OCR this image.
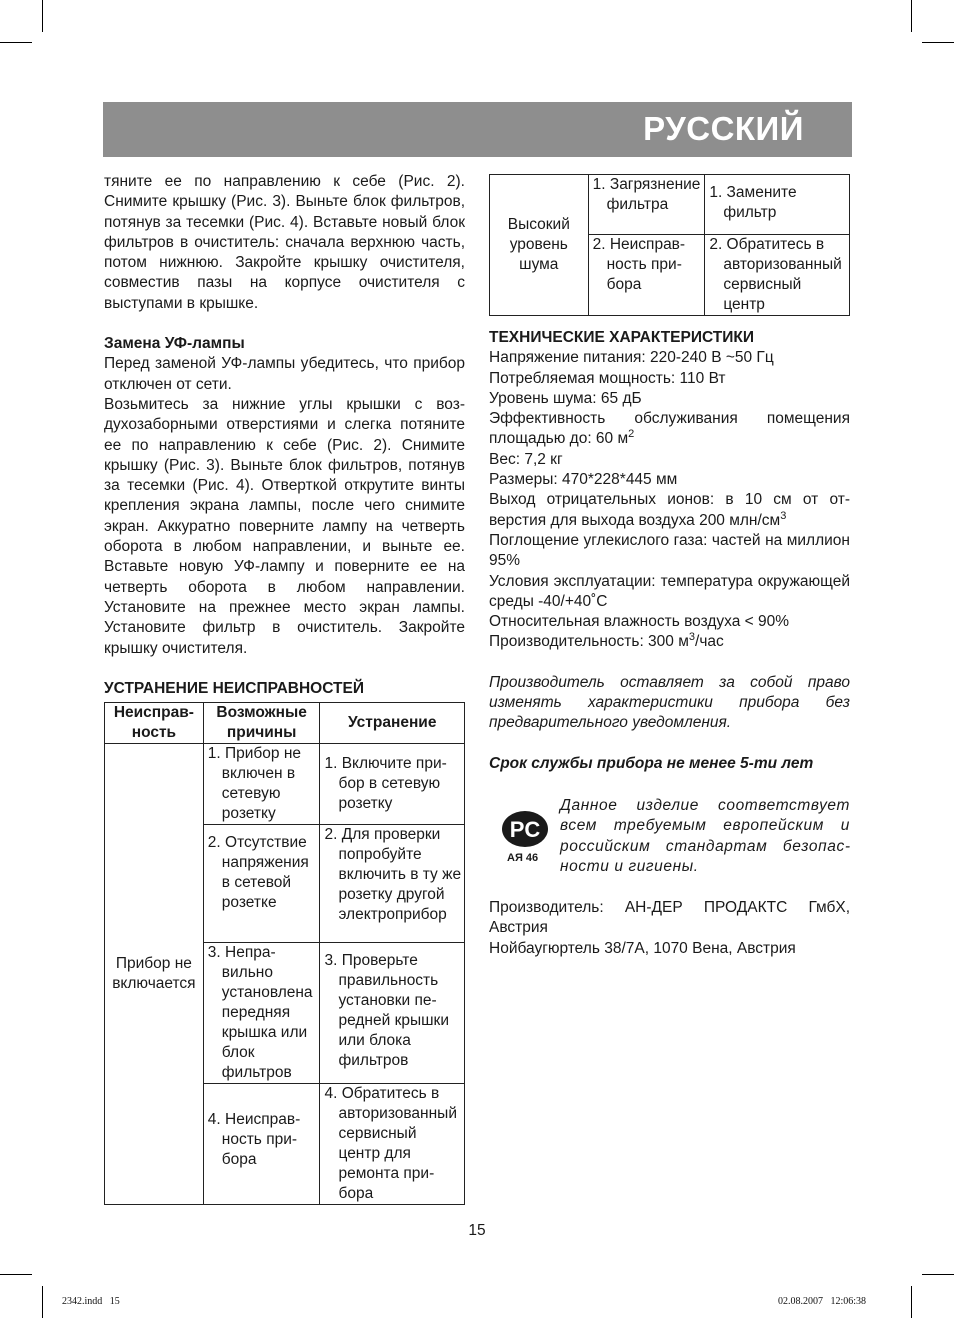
РУССКИЙ

тяните ее по направлению к себе (Рис. 2). Снимите крышку (Рис. 3). Выньте блок фильтров, потянув за тесемки (Рис. 4). Вставьте новый блок фильтров в очиститель: сначала верхнюю часть, потом нижнюю. Закройте крышку очистителя, совместив пазы на корпусе очистителя с выступами в крышке.

Замена УФ-лампы

Перед заменой УФ-лампы убедитесь, что прибор отключен от сети.

Возьмитесь за нижние углы крышки с воздухозаборными отверстиями и слегка потяните ее по направлению к себе (Рис. 2). Снимите крышку (Рис. 3). Выньте блок фильтров, потянув за тесемки (Рис. 4). Отверткой открутите винты крепления экрана лампы, после чего снимите экран. Аккуратно поверните лампу на четверть оборота в любом направлении, и выньте ее. Вставьте новую УФ-лампу и поверните ее на четверть оборота в любом направлении. Установите на прежнее место экран лампы. Установите фильтр в очиститель. Закройте крышку очистителя.

УСТРАНЕНИЕ НЕИСПРАВНОСТЕЙ

Неисправ-ность	Возможные причины	Устранение
Прибор не включается	1. Прибор не включен в сетевую розетку	1. Включите прибор в сетевую розетку

	2. Отсутствие напряжения в сетевой розетке	2. Для проверки попробуйте включить в ту же розетку другой электроприбор

	3. Неправильно установлена передняя крышка или блок фильтров	3. Проверьте правильность установки передней крышки или блока фильтров

	4. Неисправность прибора	4. Обратитесь в авторизованный сервисный центр для ремонта прибора
Высокий уровень шума	1. Загрязнение фильтра	1. Замените фильтр

	2. Неисправность прибора	2. Обратитесь в авторизованный сервисный центр

ТЕХНИЧЕСКИЕ ХАРАКТЕРИСТИКИ

Напряжение питания: 220-240 В ~50 Гц

Потребляемая мощность: 110 Вт

Уровень шума: 65 дБ

Эффективность обслуживания помещения площадью до: 60 $м^2$

Вес: 7,2 кг

Размеры: 470*228*445 мм

Выход отрицательных ионов: в 10 см от отверстия для выхода воздуха 200 млн/$см^3$

Поглощение углекислого газа: частей на миллион 95%

Условия эксплуатации: температура окружающей среды -40/+40˚С

Относительная влажность воздуха < 90%

Производительность: 300 $м^3$/час

Производитель оставляет за собой право изменять характеристики прибора без предварительного уведомления.

Срок службы прибора не менее 5-ти лет

PC
АЯ 46

Данное изделие соответствует всем требуемым европейским и российским стандартам безопасности и гигиены.

Производитель: АН-ДЕР ПРОДАКТС ГмбХ, Австрия

Нойбаугюртель 38/7А, 1070 Вена, Австрия

15
2342.indd   15	02.08.2007   12:06:38
